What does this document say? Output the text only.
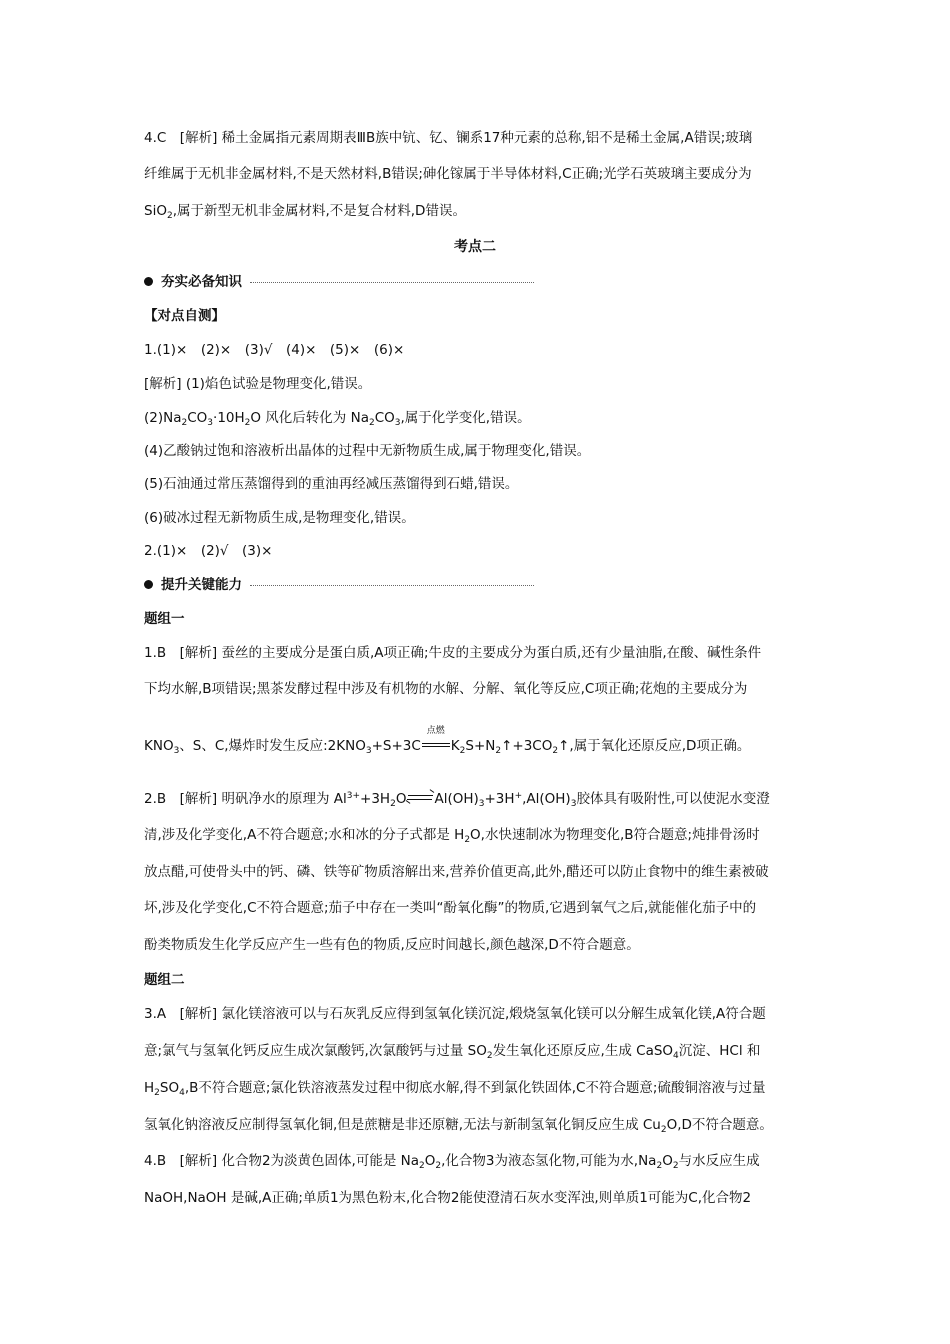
4.C　[解析] 稀土金属指元素周期表ⅢB族中钪、钇、镧系17种元素的总称,铝不是稀土金属,A错误;玻璃
纤维属于无机非金属材料,不是天然材料,B错误;砷化镓属于半导体材料,C正确;光学石英玻璃主要成分为
SiO$_2$,属于新型无机非金属材料,不是复合材料,D错误。
考点二
夯实必备知识
【对点自测】
1.(1)×　(2)×　(3)√　(4)×　(5)×　(6)×
[解析] (1)焰色试验是物理变化,错误。
$(2)Na_2CO_3\cdot 10H_2O$ 风化后转化为 $Na_2CO_3$,属于化学变化,错误。
(4)乙酸钠过饱和溶液析出晶体的过程中无新物质生成,属于物理变化,错误。
(5)石油通过常压蒸馏得到的重油再经减压蒸馏得到石蜡,错误。
(6)破冰过程无新物质生成,是物理变化,错误。
2.(1)×　(2)√　(3)×
提升关键能力
题组一
1.B　[解析] 蚕丝的主要成分是蛋白质,A项正确;牛皮的主要成分为蛋白质,还有少量油脂,在酸、碱性条件
下均水解,B项错误;黑茶发酵过程中涉及有机物的水解、分解、氧化等反应,C项正确;花炮的主要成分为
$KNO_3$、S、C,爆炸时发生反应$:2KNO_3+S+3C$
点燃
$K_2S+N_2↑+3CO_2↑$,属于氧化还原反应,D项正确。
2.B　[解析] 明矾净水的原理为 $Al^{3+}+3H_2O\rightleftharpoons Al(OH)_3+3H^+,Al(OH)_3$胶体具有吸附性,可以使泥水变澄
清,涉及化学变化,A不符合题意;水和冰的分子式都是 $H_2O$,水快速制冰为物理变化,B符合题意;炖排骨汤时
放点醋,可使骨头中的钙、磷、铁等矿物质溶解出来,营养价值更高,此外,醋还可以防止食物中的维生素被破
坏,涉及化学变化,C不符合题意;茄子中存在一类叫“酚氧化酶”的物质,它遇到氧气之后,就能催化茄子中的
酚类物质发生化学反应产生一些有色的物质,反应时间越长,颜色越深,D不符合题意。
题组二
3.A　[解析] 氯化镁溶液可以与石灰乳反应得到氢氧化镁沉淀,煅烧氢氧化镁可以分解生成氧化镁,A符合题
意;氯气与氢氧化钙反应生成次氯酸钙,次氯酸钙与过量 $SO_2$发生氧化还原反应,生成 CaSO$_4$沉淀、HCl 和
$H_2SO_4,B$不符合题意;氯化铁溶液蒸发过程中彻底水解,得不到氯化铁固体,C不符合题意;硫酸铜溶液与过量
氢氧化钠溶液反应制得氢氧化铜,但是蔗糖是非还原糖,无法与新制氢氧化铜反应生成 $Cu_2O,D$不符合题意。
4.B　[解析] 化合物2为淡黄色固体,可能是 $Na_2O_2$,化合物3为液态氢化物,可能为水$,Na_2O_2$与水反应生成
NaOH,NaOH 是碱,A正确;单质1为黑色粉末,化合物2能使澄清石灰水变浑浊,则单质1可能为C,化合物2
